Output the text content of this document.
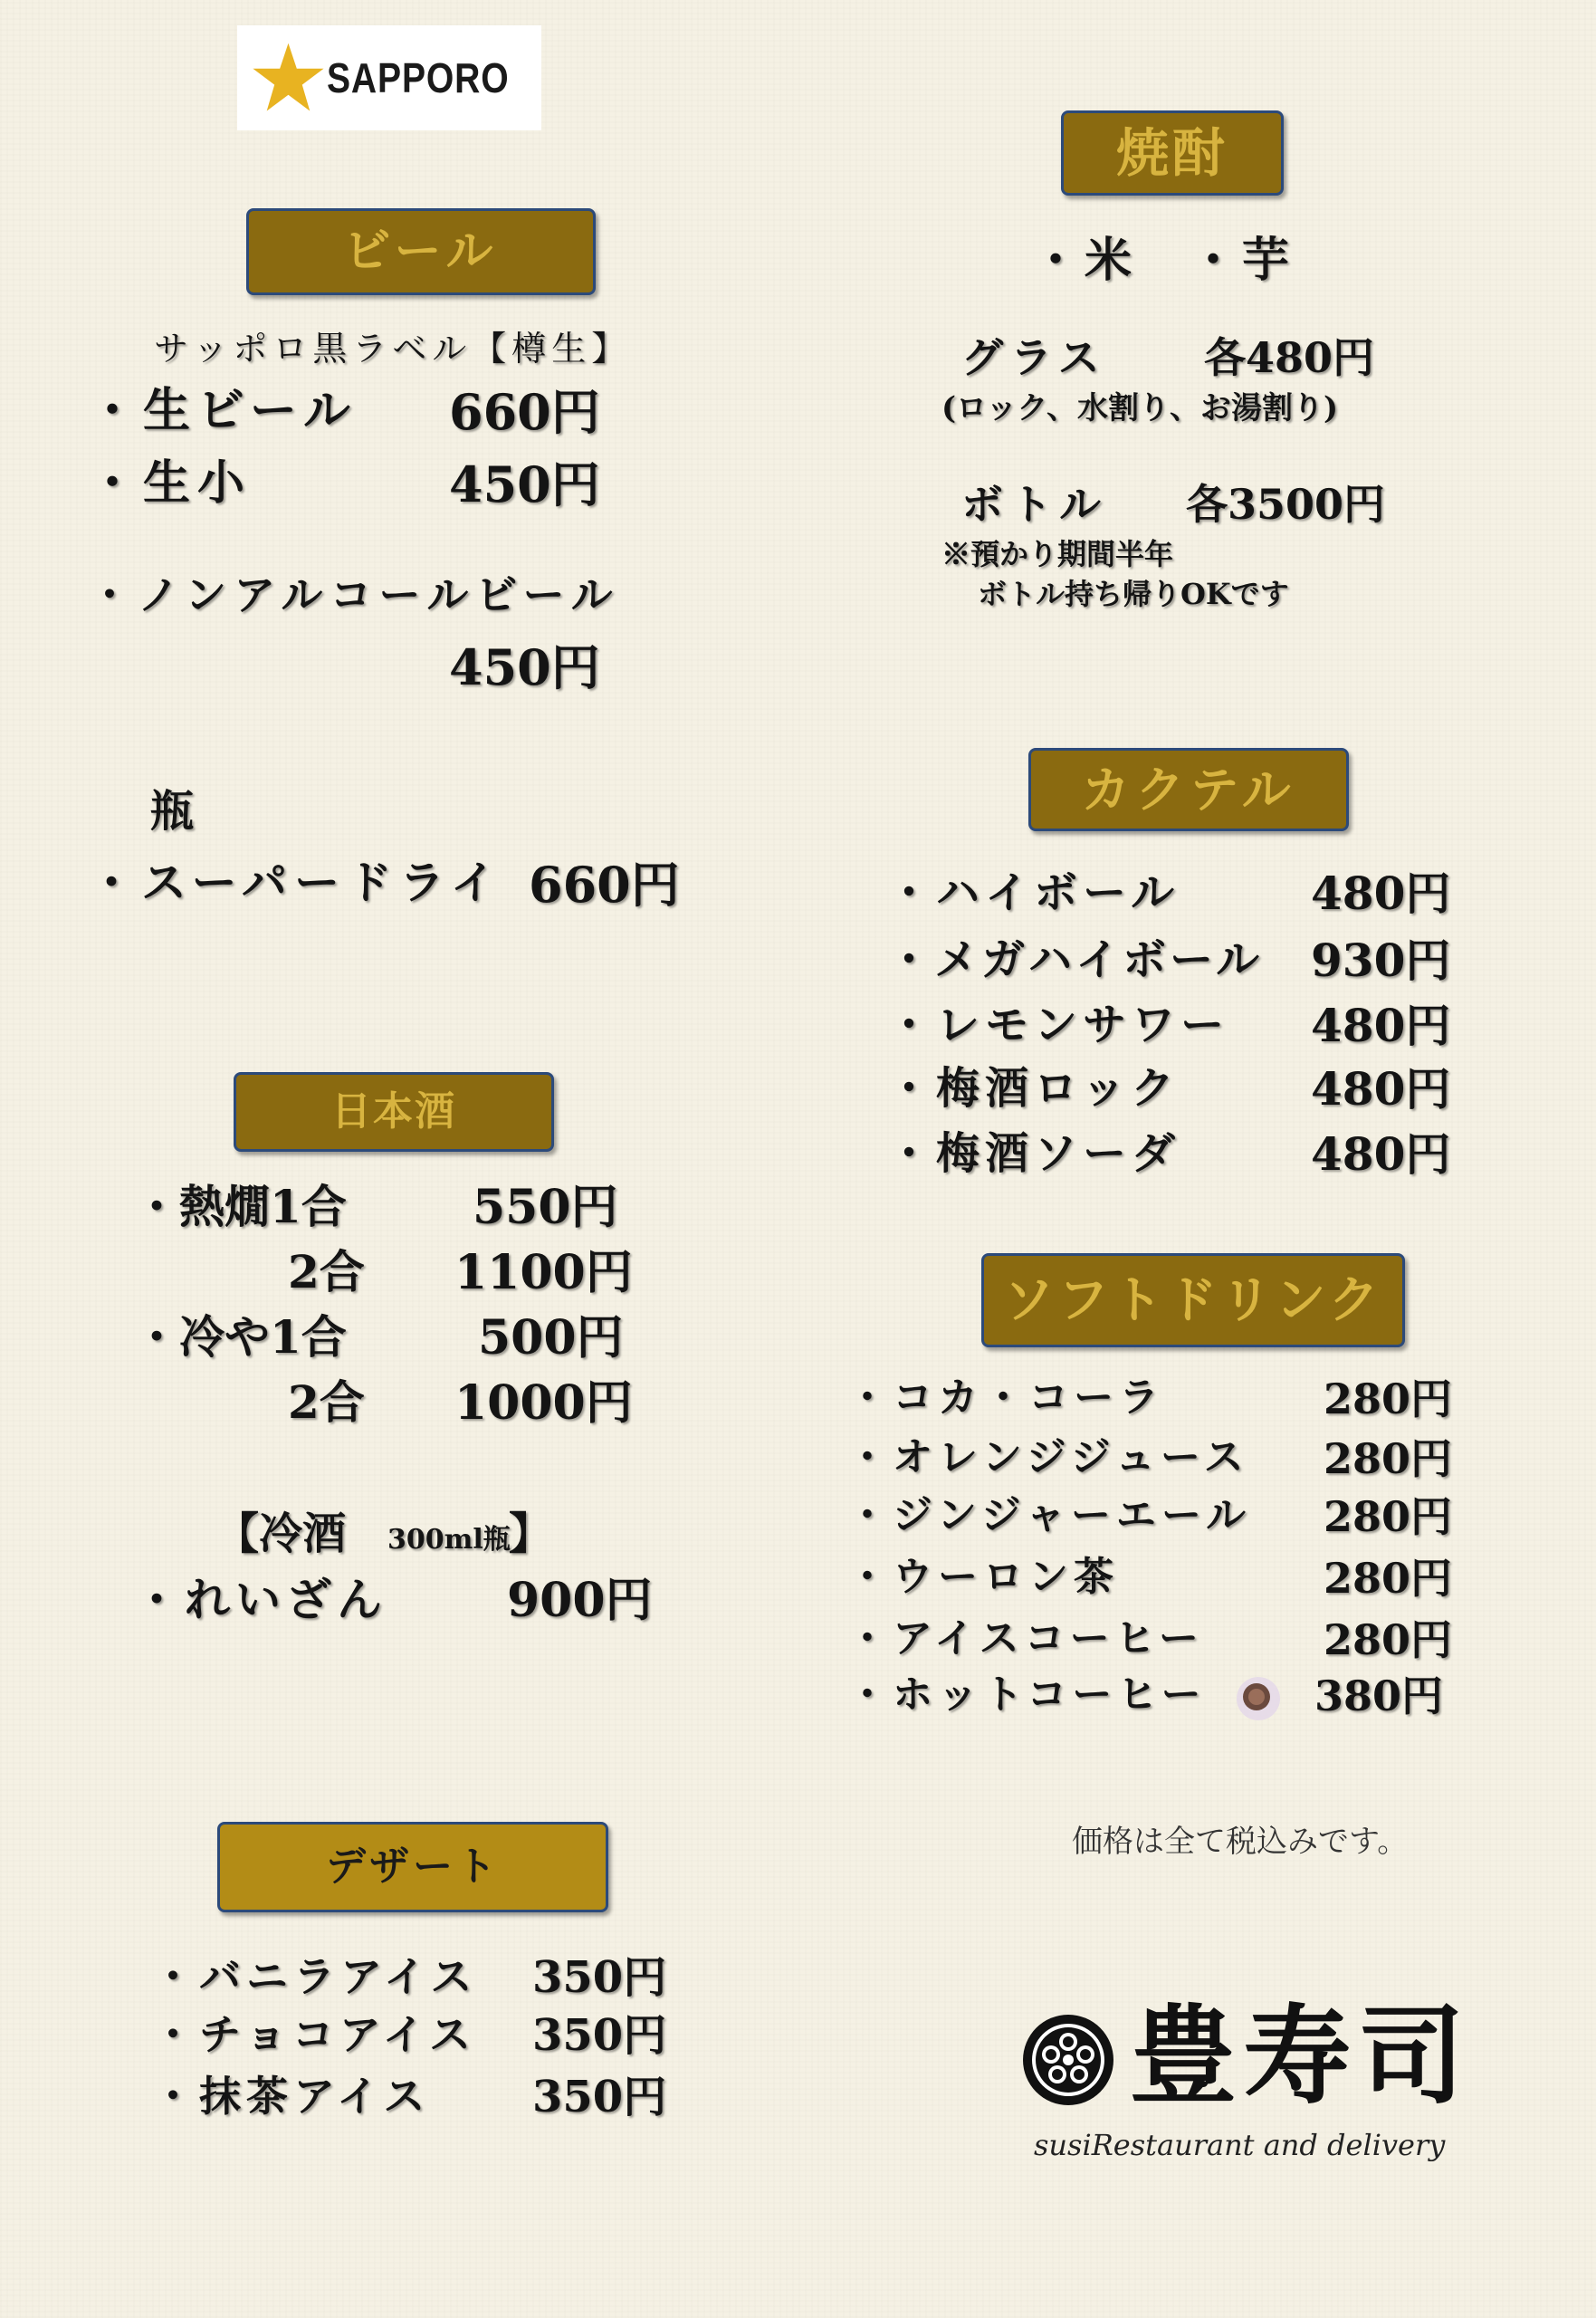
SAPPORO
ビール
サッポロ黒ラベル【樽生】
・生ビール 660円
・生小	450円
・ノンアルコールビール
450円
瓶
・スーパードライ 660円
日本酒
・熱燗1合	550円
2合 1100円
・冷や1合	500円
2合 1000円
【冷酒 300ml瓶
】
・れいざん	900円
デザート
・バニラアイス 350円
・チョコアイス 350円
・抹茶アイス 350円
焼酎
・米　・芋
グラス 各480円
(ロック、水割り、お湯割り)
ボトル 各3500円
※預かり期間半年
ボトル持ち帰りOKです
カクテル
・ハイボール	480円
・メガハイボール 930円
・レモンサワー 480円
・梅酒ロック	480円
・梅酒ソーダ	480円
ソフトドリンク
・コカ・コーラ	280円
・オレンジジュース 280円
・ジンジャーエール 280円
・ウーロン茶	280円
・アイスコーヒー	280円
・ホットコーヒー	380円
価格は全て税込みです。
豊寿司
susiRestaurant and delivery
